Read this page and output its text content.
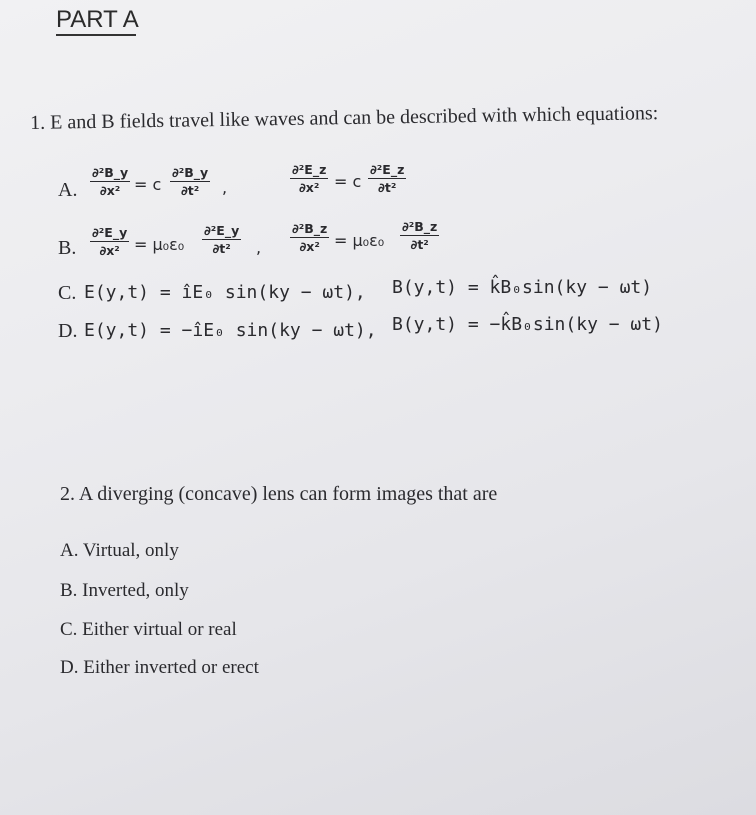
PART A
1. E and B fields travel like waves and can be described with which equations:
A.
∂²B_y
∂x² = c
∂²B_y
∂t²	,
∂²E_z
∂x² = c
∂²E_z
∂t²
B.
∂²E_y
∂x² = μ₀ε₀
∂²E_y
∂t²	,
∂²B_z
∂x² = μ₀ε₀
∂²B_z
∂t²
C. E(y,t) = îE₀ sin(ky − ωt), B(y,t) = k̂B₀sin(ky − ωt)
D. E(y,t) = −îE₀ sin(ky − ωt), B(y,t) = −k̂B₀sin(ky − ωt)
2. A diverging (concave) lens can form images that are
A. Virtual, only
B. Inverted, only
C. Either virtual or real
D. Either inverted or erect
